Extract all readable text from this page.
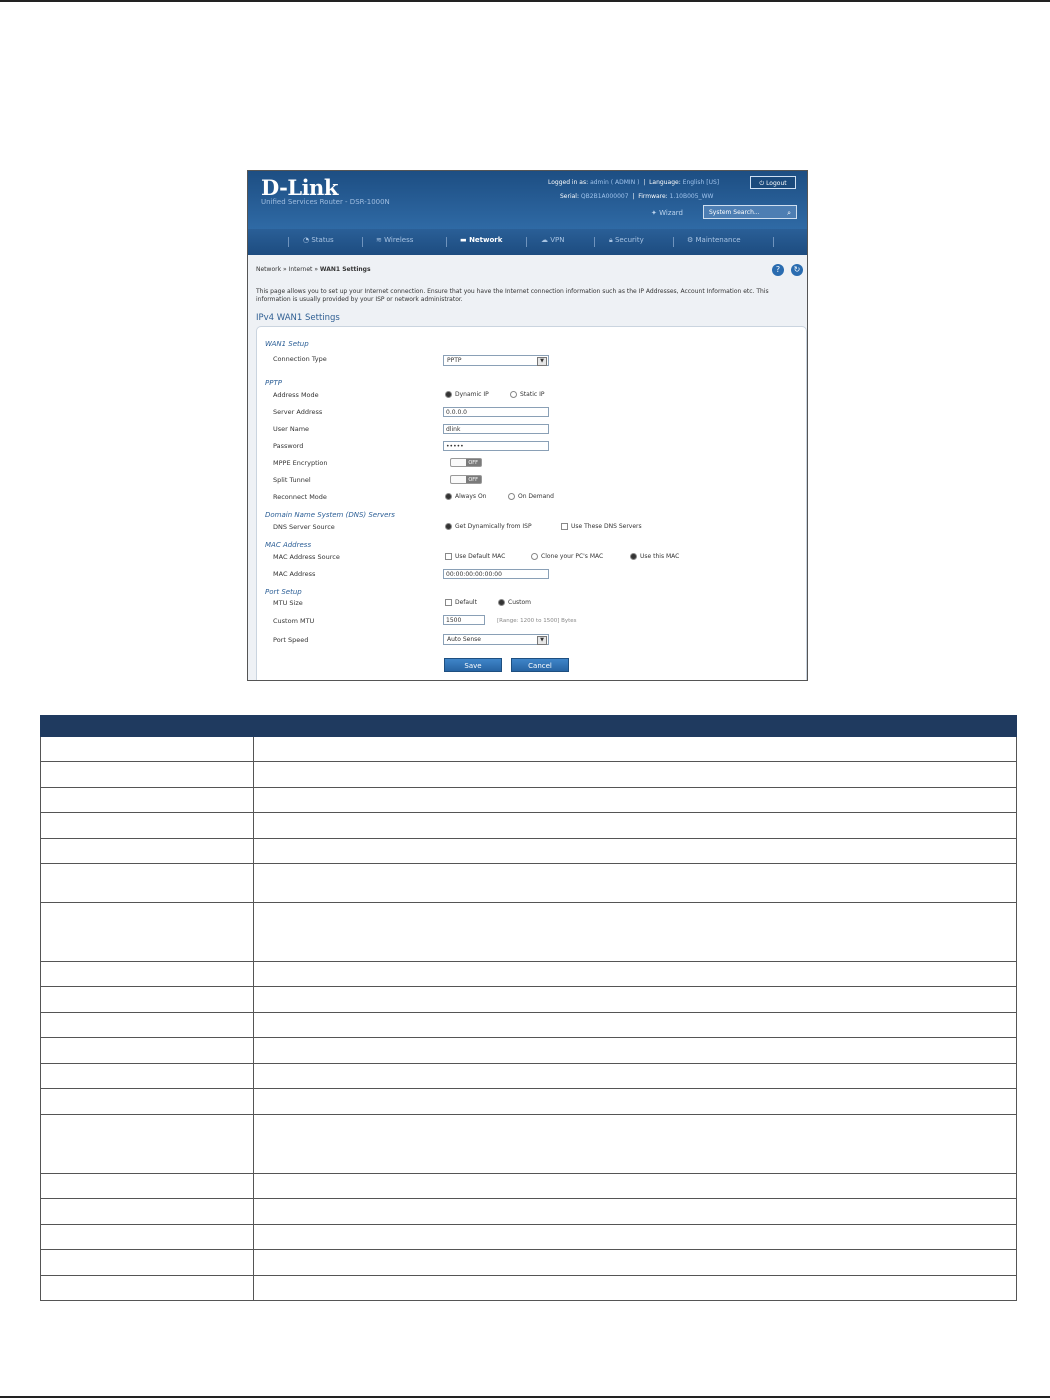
D-Link
Unified Services Router - DSR-1000N
Logged in as: admin ( ADMIN )  |  Language: English [US]	⏻ Logout
Serial: QB2B1A000007  |  Firmware: 1.10B005_WW
✦ Wizard	System Search...	⌕
◔ Status	≋ Wireless	▬ Network	☁ VPN	🔒︎ Security	⚙ Maintenance
Network » Internet » WAN1 Settings	?	↻
This page allows you to set up your Internet connection. Ensure that you have the Internet connection information such as the IP Addresses, Account Information etc. This information is usually provided by your ISP or network administrator.
IPv4 WAN1 Settings
WAN1 Setup
Connection Type	PPTP	▼
PPTP
Address Mode	Dynamic IP	Static IP
Server Address	0.0.0.0
User Name	dlink
Password	•••••
MPPE Encryption	OFF
Split Tunnel	OFF
Reconnect Mode	Always On	On Demand
Domain Name System (DNS) Servers
DNS Server Source	Get Dynamically from ISP	Use These DNS Servers
MAC Address
MAC Address Source	Use Default MAC	Clone your PC's MAC	Use this MAC
MAC Address	00:00:00:00:00:00
Port Setup
MTU Size	Default	Custom
Custom MTU	1500	[Range: 1200 to 1500] Bytes
Port Speed	Auto Sense	▼
Save	Cancel
